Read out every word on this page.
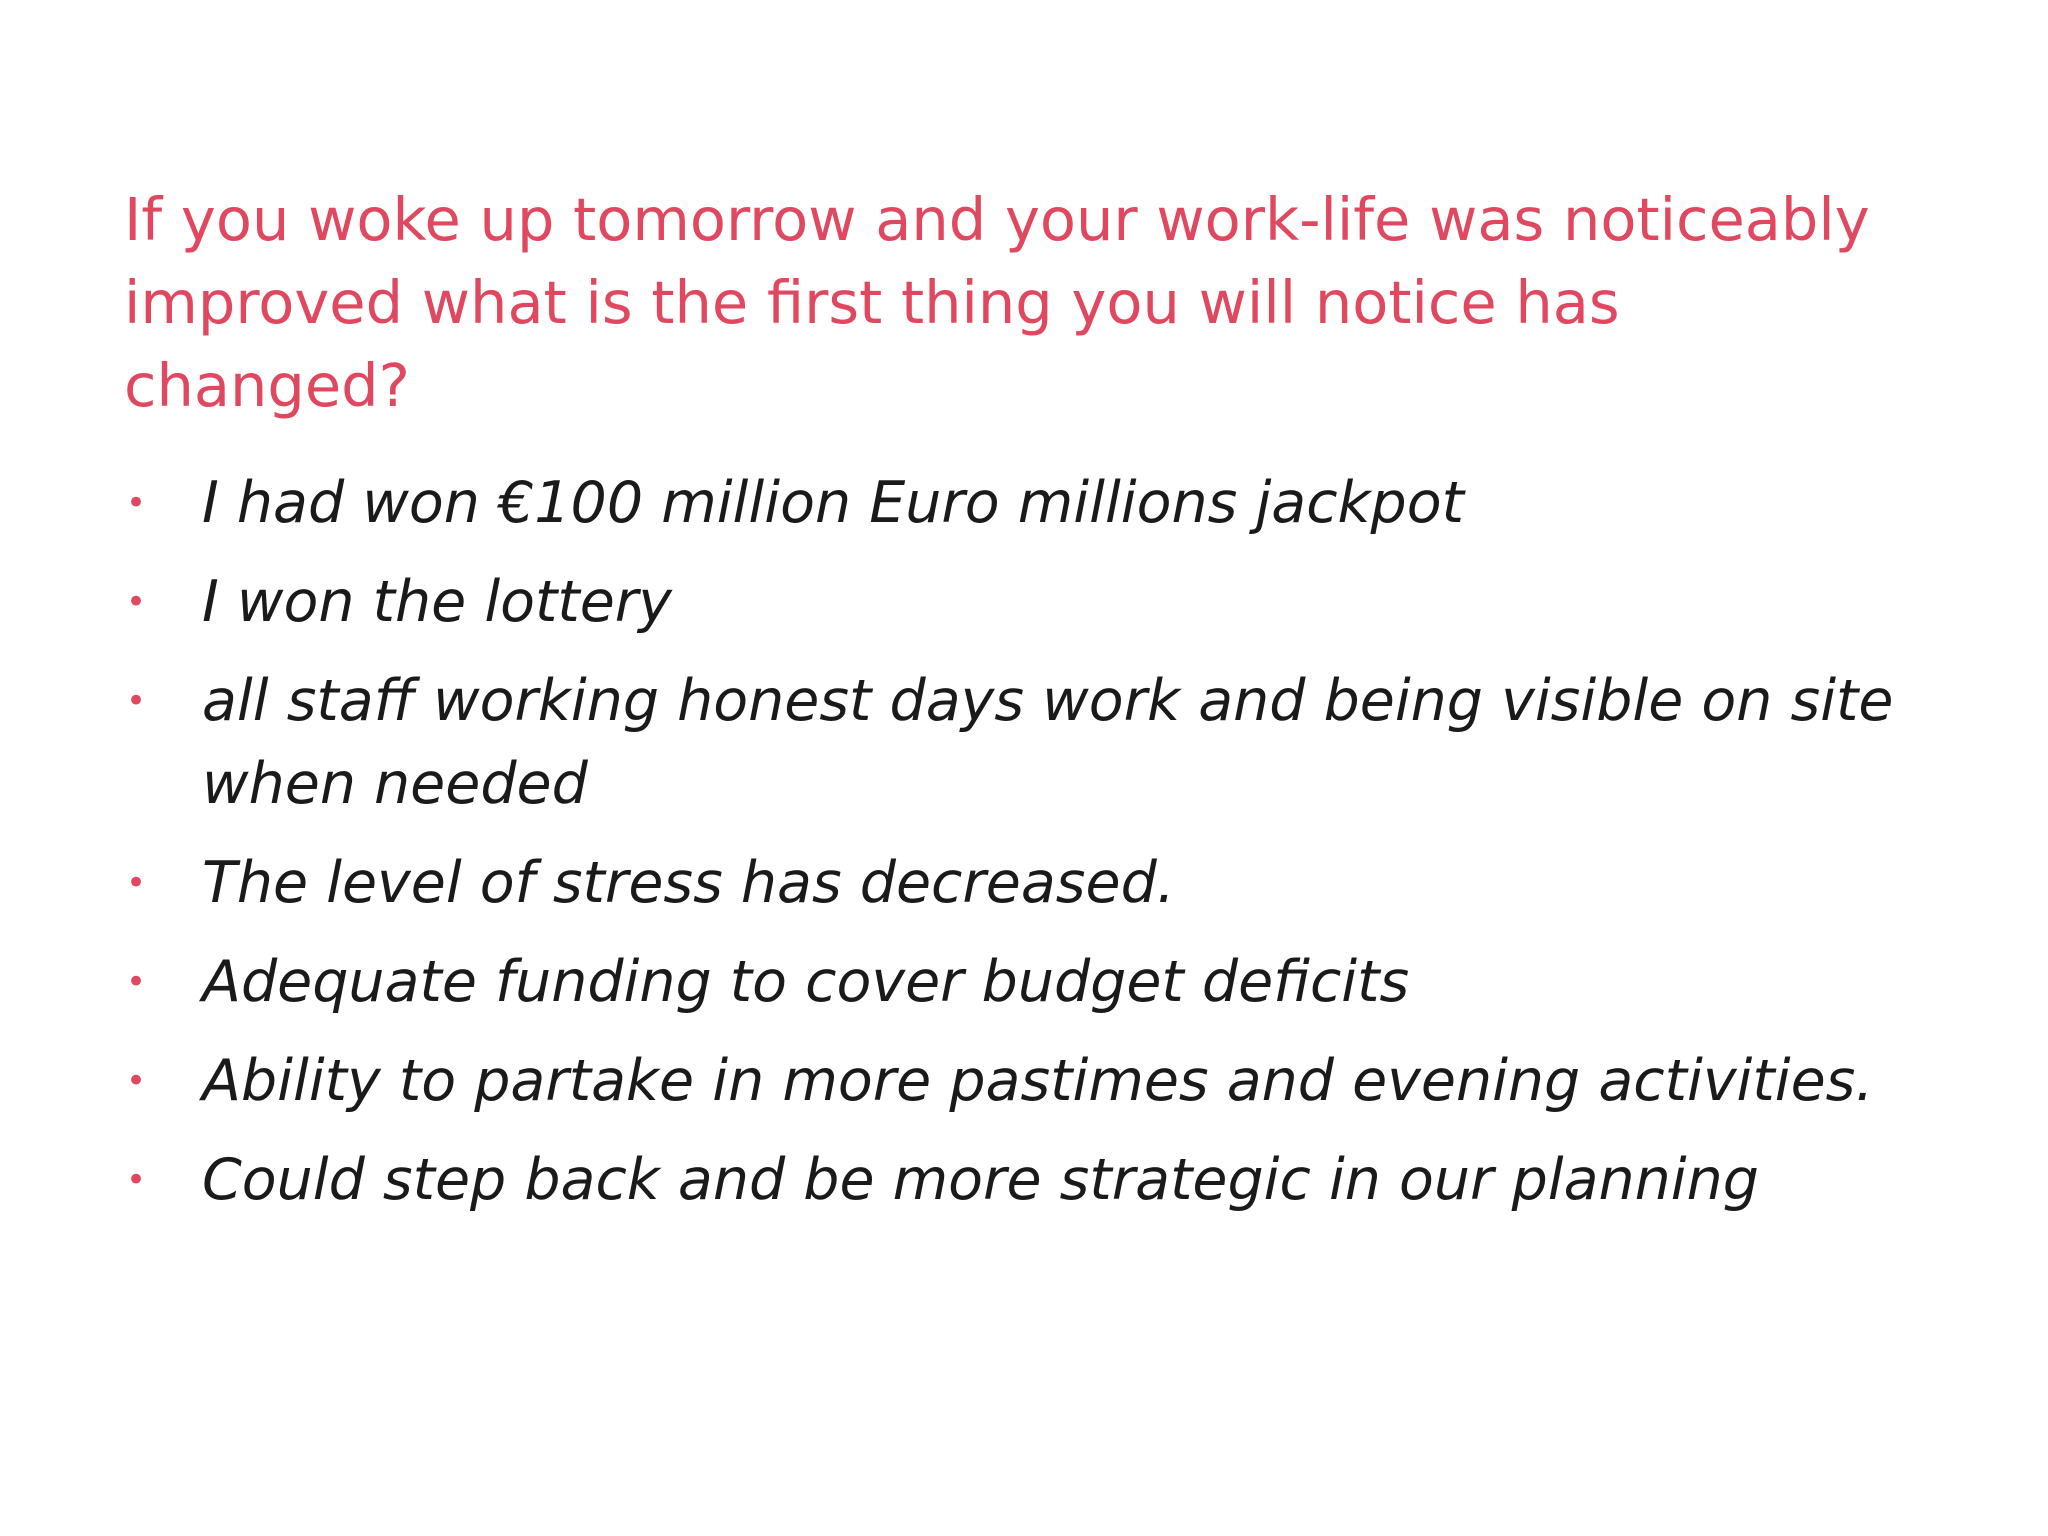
If you woke up tomorrow and your work-life was noticeably improved what is the first thing you will notice has changed?
• I had won €100 million Euro millions jackpot
• I won the lottery
• all staff working honest days work and being visible on site when needed
• The level of stress has decreased.
• Adequate funding to cover budget deficits
• Ability to partake in more pastimes and evening activities.
• Could step back and be more strategic in our planning
